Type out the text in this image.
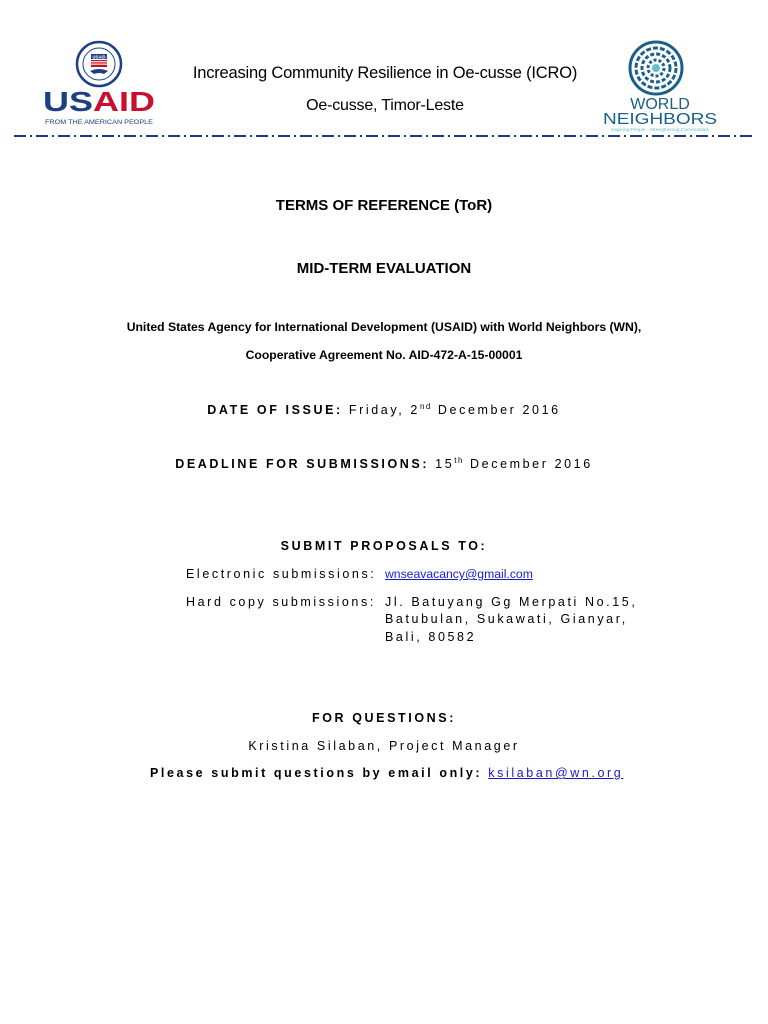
USAID
US AID
FROM THE AMERICAN PEOPLE
WORLD
NEIGHBORS
Inspiring People · Strengthening Communities
Increasing Community Resilience in Oe-cusse (ICRO)
Oe-cusse, Timor-Leste
TERMS OF REFERENCE (ToR)
MID-TERM EVALUATION
United States Agency for International Development (USAID) with World Neighbors (WN),
Cooperative Agreement No. AID-472-A-15-00001
DATE OF ISSUE: Friday, 2nd December 2016
DEADLINE FOR SUBMISSIONS: 15th December 2016
SUBMIT PROPOSALS TO:
Electronic submissions: wnseavacancy@gmail.com
Hard copy submissions: Jl. Batuyang Gg Merpati No.15,
Batubulan, Sukawati, Gianyar,
Bali, 80582
FOR QUESTIONS:
Kristina Silaban, Project Manager
Please submit questions by email only: ksilaban@wn.org
